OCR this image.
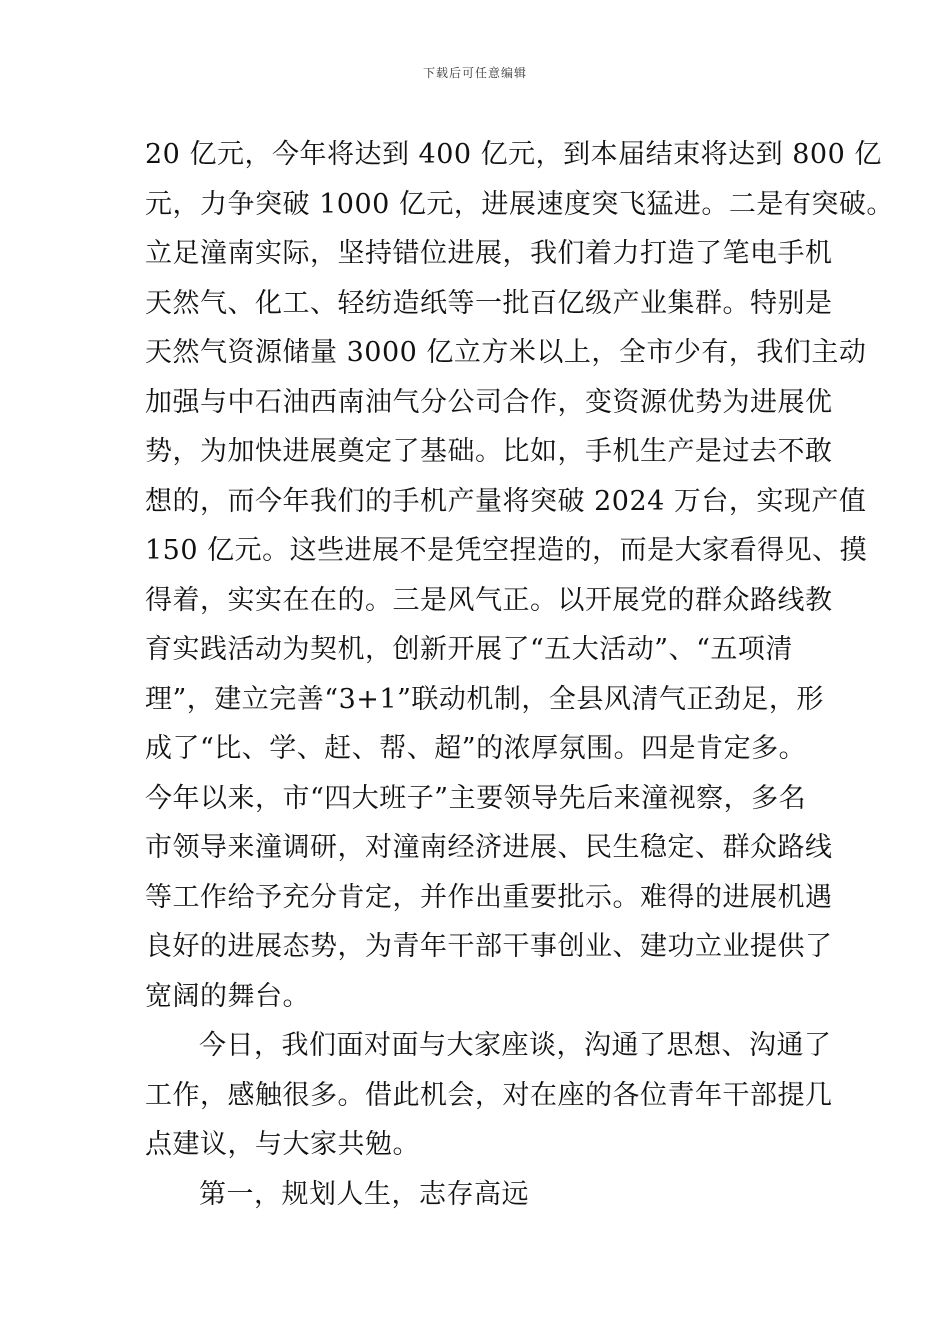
下载后可任意编辑
20 亿元，今年将达到 400 亿元，到本届结束将达到 800 亿
元，力争突破 1000 亿元，进展速度突飞猛进。二是有突破。
立足潼南实际，坚持错位进展，我们着力打造了笔电手机
天然气、化工、轻纺造纸等一批百亿级产业集群。特别是
天然气资源储量 3000 亿立方米以上，全市少有，我们主动
加强与中石油西南油气分公司合作，变资源优势为进展优
势，为加快进展奠定了基础。比如，手机生产是过去不敢
想的，而今年我们的手机产量将突破 2024 万台，实现产值
150 亿元。这些进展不是凭空捏造的，而是大家看得见、摸
得着，实实在在的。三是风气正。以开展党的群众路线教
育实践活动为契机，创新开展了“五大活动”、“五项清
理”，建立完善“3+1”联动机制，全县风清气正劲足，形
成了“比、学、赶、帮、超”的浓厚氛围。四是肯定多。
今年以来，市“四大班子”主要领导先后来潼视察，多名
市领导来潼调研，对潼南经济进展、民生稳定、群众路线
等工作给予充分肯定，并作出重要批示。难得的进展机遇
良好的进展态势，为青年干部干事创业、建功立业提供了
宽阔的舞台。
今日，我们面对面与大家座谈，沟通了思想、沟通了
工作，感触很多。借此机会，对在座的各位青年干部提几
点建议，与大家共勉。
第一，规划人生，志存高远
